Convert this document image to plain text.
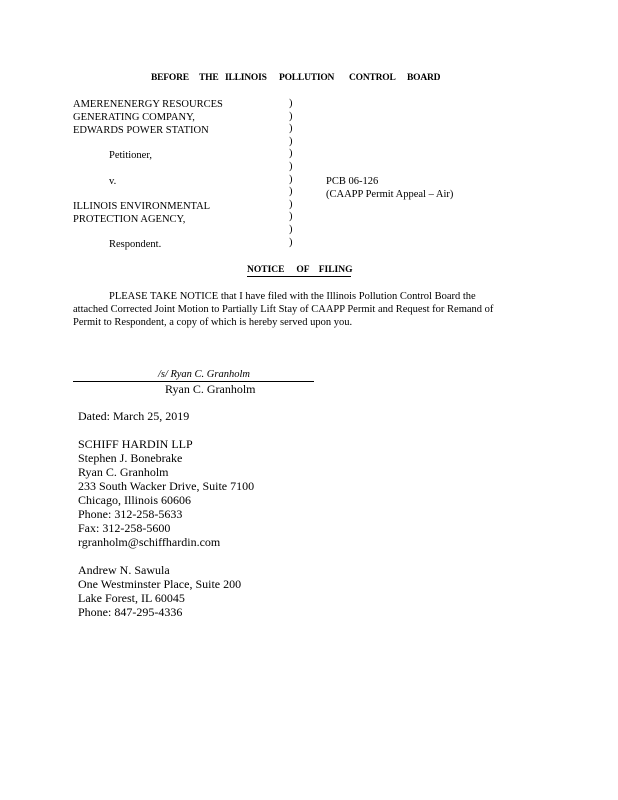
BEFORE THE ILLINOIS POLLUTION CONTROL BOARD
AMERENENERGY RESOURCES
GENERATING COMPANY,
EDWARDS POWER STATION
Petitioner,
v.
ILLINOIS ENVIRONMENTAL
PROTECTION AGENCY,
Respondent.
)
)
)
)
)
)
)
)
)
)
)
)
PCB 06-126
(CAAPP Permit Appeal – Air)
NOTICE     OF    FILING
PLEASE TAKE NOTICE that I have filed with the Illinois Pollution Control Board the
attached Corrected Joint Motion to Partially Lift Stay of CAAPP Permit and Request for Remand of
Permit to Respondent, a copy of which is hereby served upon you.
/s/ Ryan C. Granholm
Ryan C. Granholm
Dated: March 25, 2019
SCHIFF HARDIN LLP
Stephen J. Bonebrake
Ryan C. Granholm
233 South Wacker Drive, Suite 7100
Chicago, Illinois 60606
Phone: 312-258-5633
Fax: 312-258-5600
rgranholm@schiffhardin.com
Andrew N. Sawula
One Westminster Place, Suite 200
Lake Forest, IL 60045
Phone: 847-295-4336
